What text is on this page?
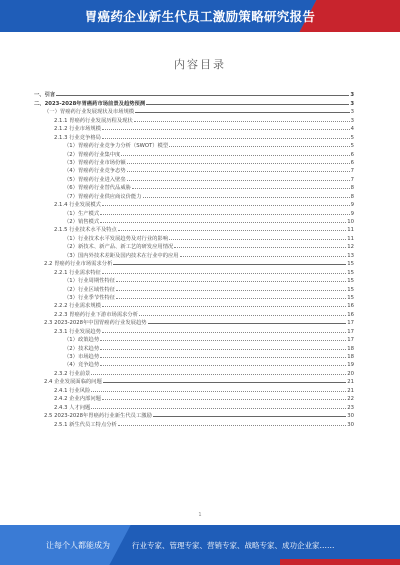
胃癌药企业新生代员工激励策略研究报告
内容目录
一、引言	3
二、2023-2028年胃癌药市场前景及趋势预测	3
（一）胃癌药行业发展现状及市场规模	3
2.1.1 胃癌药行业发展历程及现状	3
2.1.2 行业市场规模	4
2.1.3 行业竞争格局	5
（1）胃癌药行业竞争力分析（SWOT）模型	5
（2）胃癌药行业集中度	6
（3）胃癌药行业市场份额	6
（4）胃癌药行业竞争态势	7
（5）胃癌药行业进入壁垒	7
（6）胃癌药行业替代品威胁	8
（7）胃癌药行业供应商议价能力	8
2.1.4 行业发展模式	9
（1）生产模式	9
（2）销售模式	10
2.1.5 行业技术水平及特点	11
（1）行业技术水平发展趋势及对行业的影响	11
（2）新技术、新产品、新工艺的研发应用情况	12
（3）国内外技术差距及国内技术在行业中的应用	13
2.2 胃癌药行业市场需求分析	15
2.2.1 行业需求特征	15
（1）行业周期性特征	15
（2）行业区域性特征	15
（3）行业季节性特征	15
2.2.2 行业需求规模	16
2.2.3 胃癌药行业下游市场需求分析	16
2.3 2023-2028年中国胃癌药行业发展趋势	17
2.3.1 行业发展趋势	17
（1）政策趋势	17
（2）技术趋势	18
（3）市场趋势	18
（4）竞争趋势	19
2.3.2 行业前景	20
2.4 企业发展面临的问题	21
2.4.1 行业风险	21
2.4.2 企业内部问题	22
2.4.3 人才问题	23
2.5 2023-2028年胃癌药行业新生代员工激励	30
2.5.1 新生代员工特点分析	30
1
让每个人都能成为	行业专家、管理专家、营销专家、战略专家、成功企业家……
